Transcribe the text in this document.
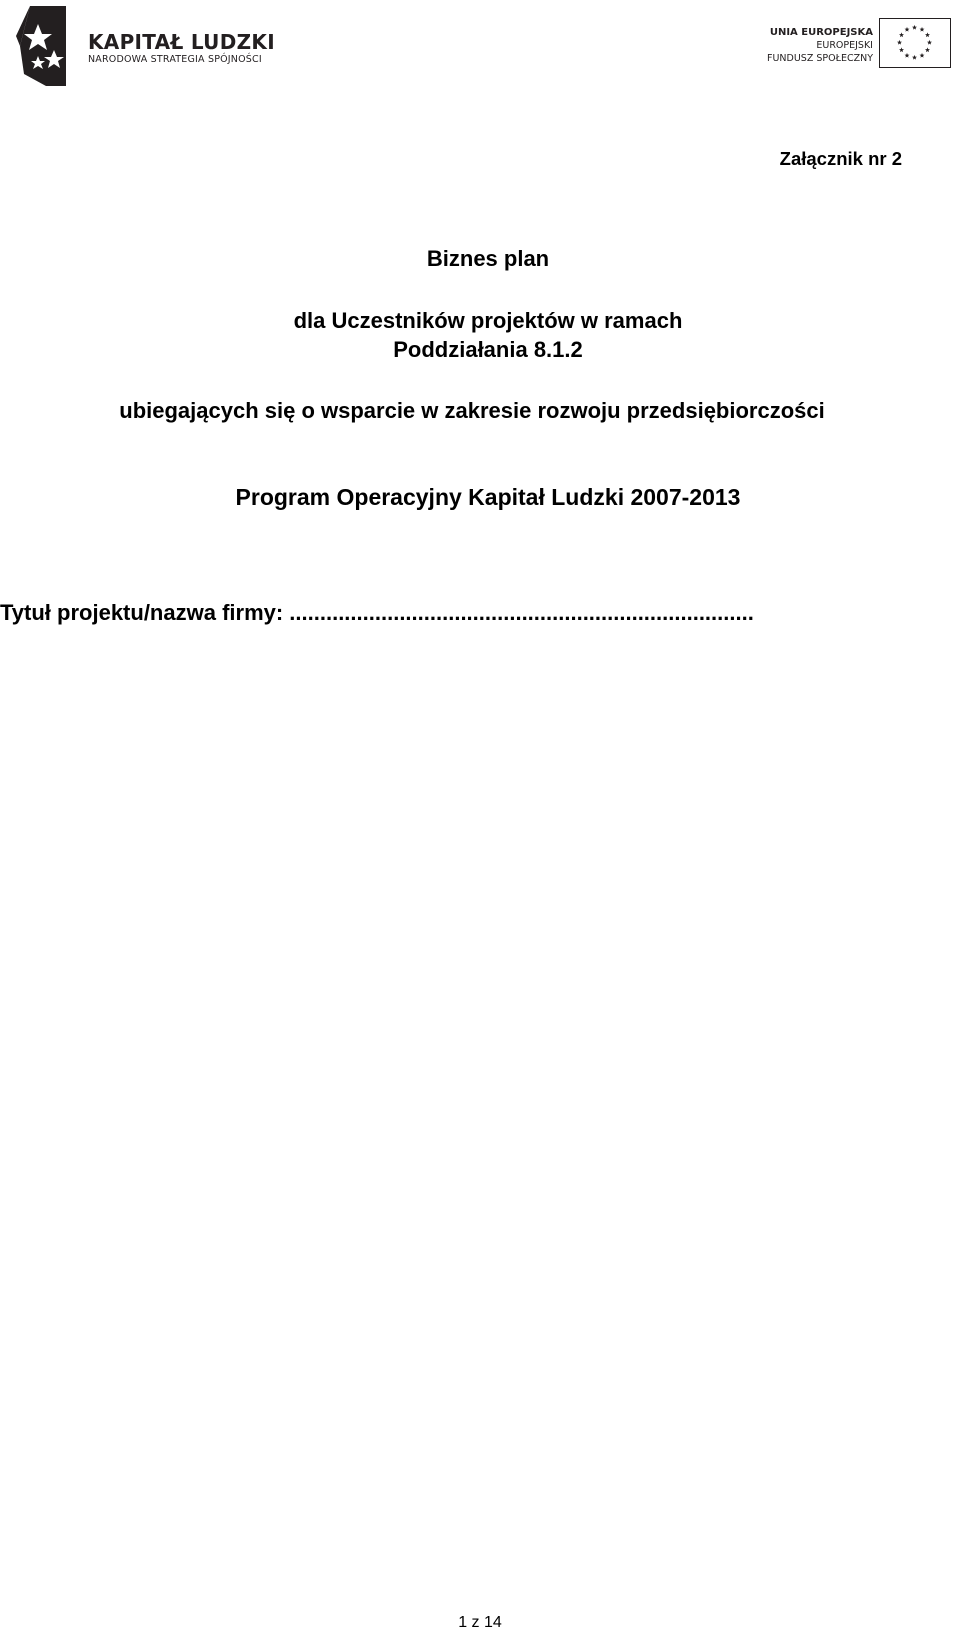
KAPITAŁ LUDZKI
NARODOWA STRATEGIA SPÓJNOŚCI
UNIA EUROPEJSKA
EUROPEJSKI
FUNDUSZ SPOŁECZNY
Załącznik nr 2
Biznes plan
dla Uczestników projektów w ramach
Poddziałania 8.1.2
ubiegających się o wsparcie w zakresie rozwoju przedsiębiorczości
Program Operacyjny Kapitał Ludzki 2007-2013
Tytuł projektu/nazwa firmy: ............................................................................
1 z 14
